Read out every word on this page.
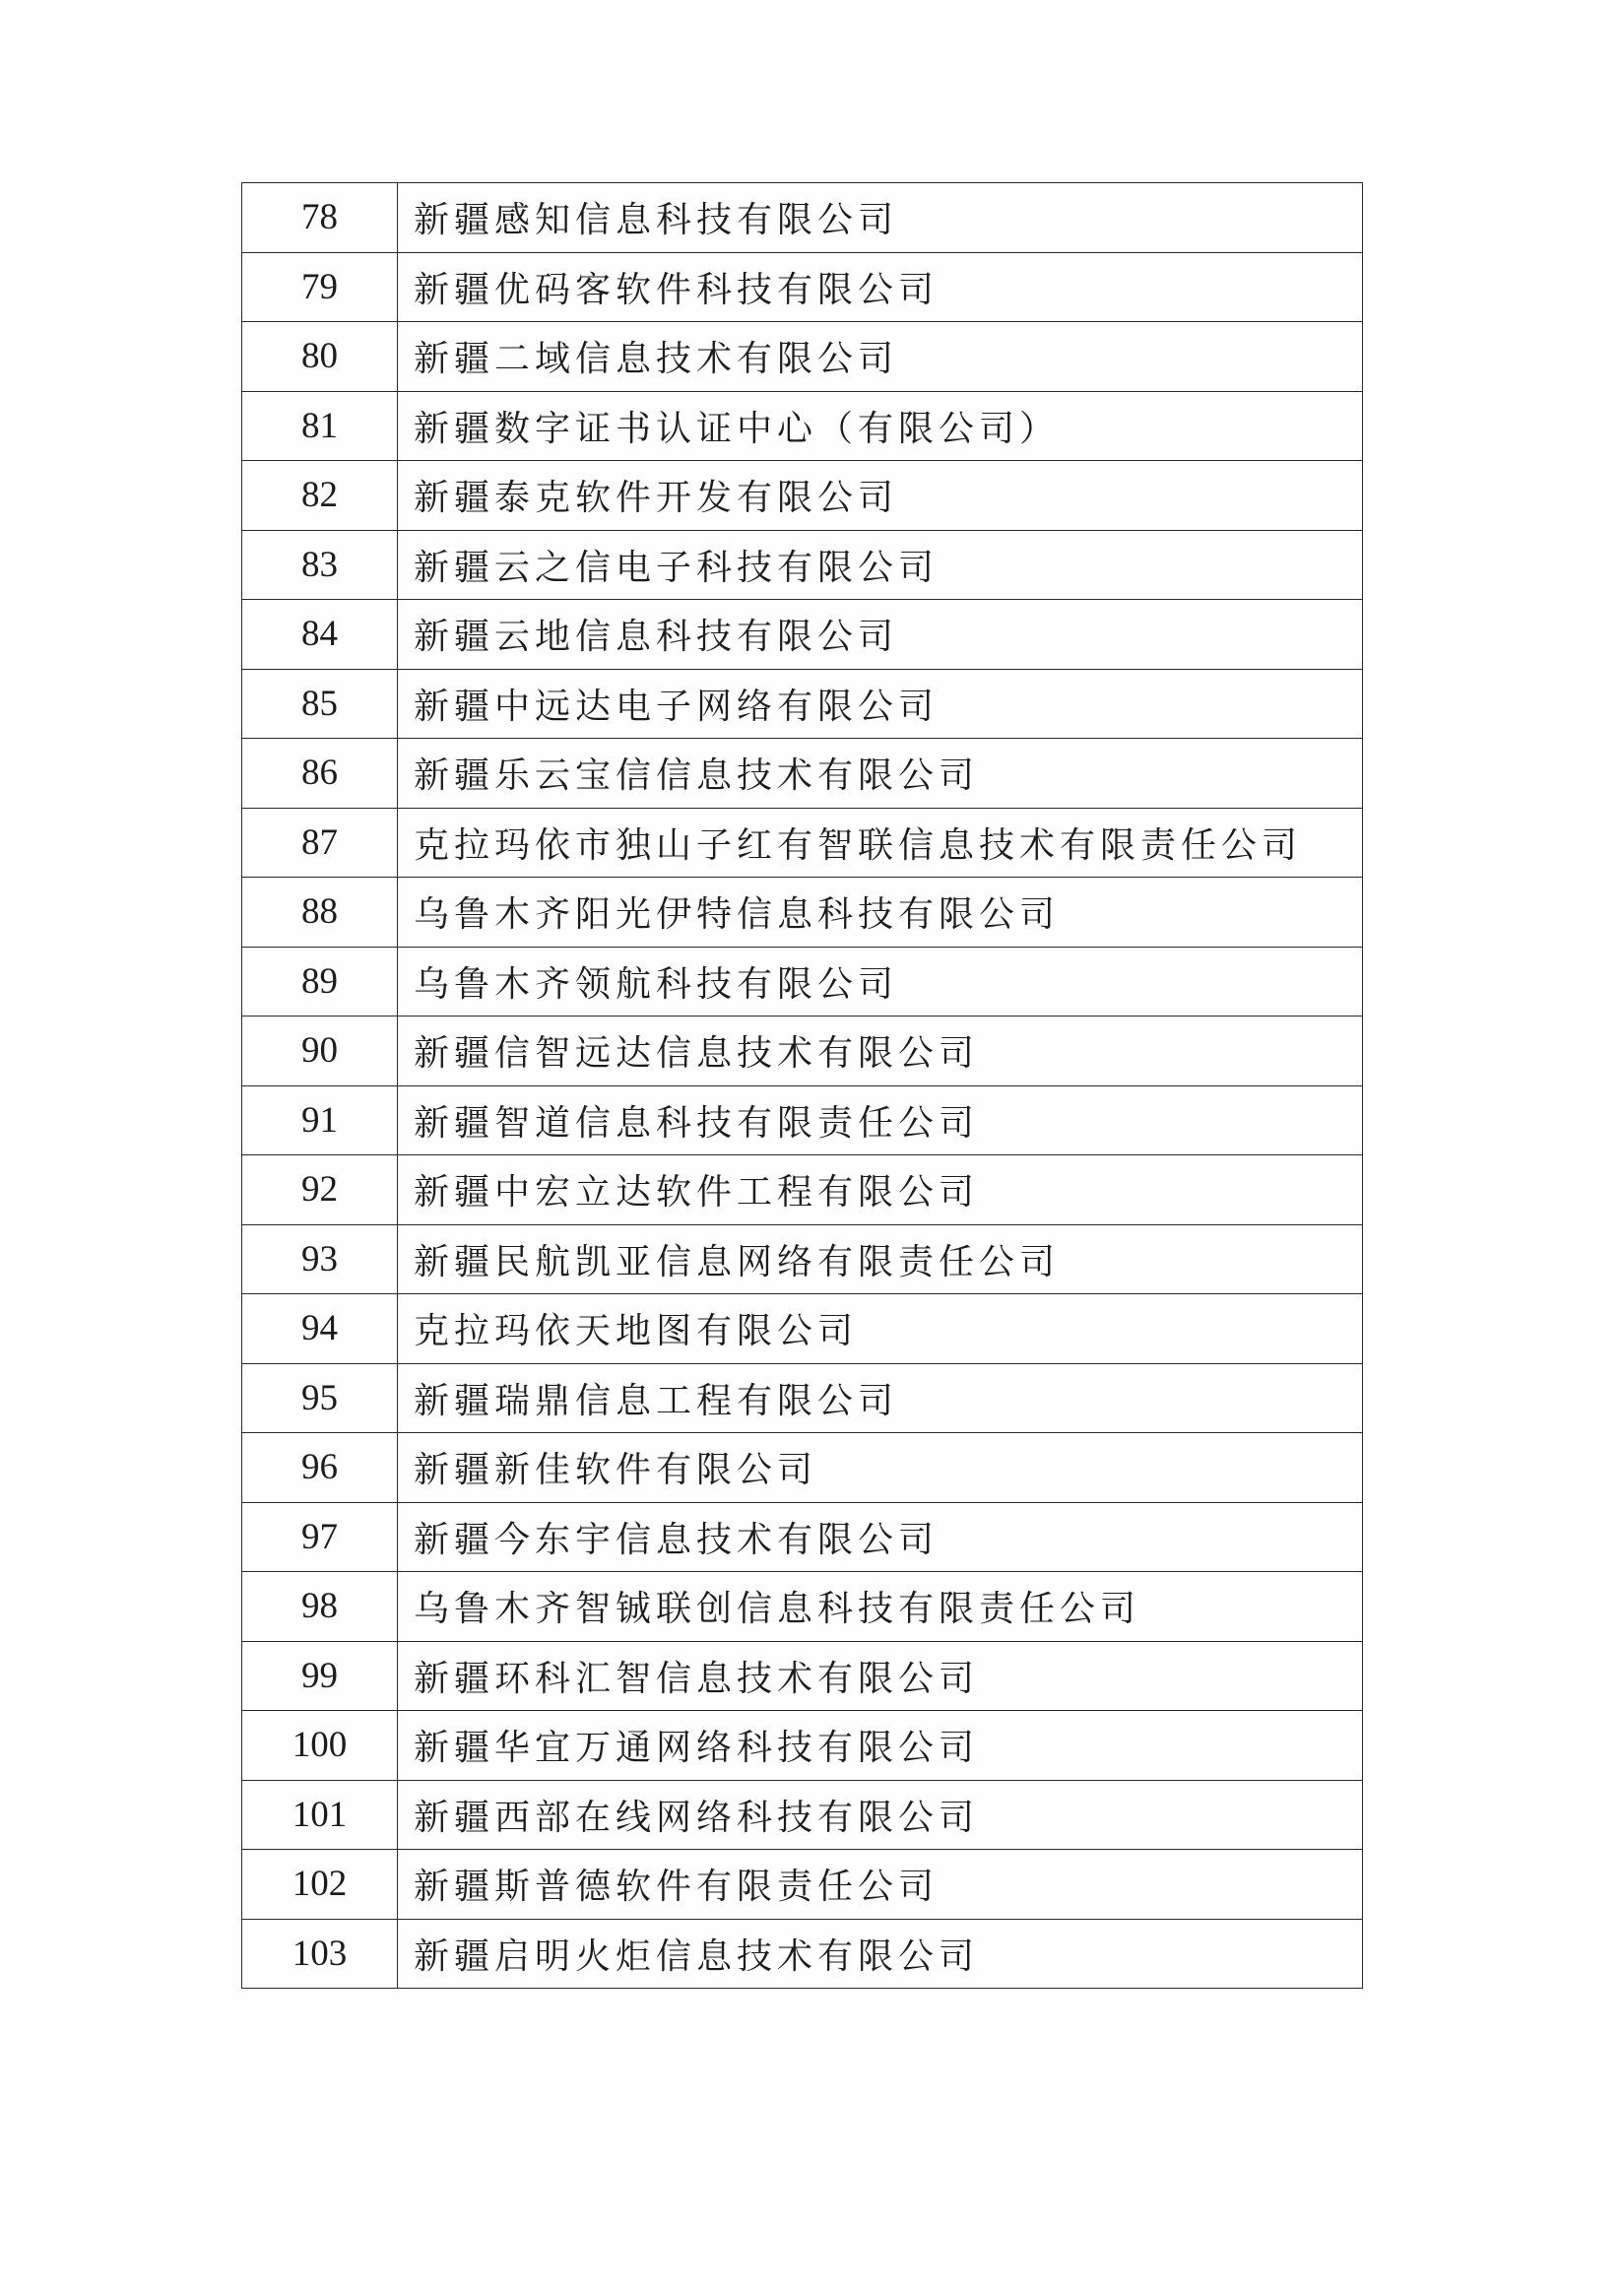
78	新疆感知信息科技有限公司
79	新疆优码客软件科技有限公司
80	新疆二域信息技术有限公司
81	新疆数字证书认证中心（有限公司）
82	新疆泰克软件开发有限公司
83	新疆云之信电子科技有限公司
84	新疆云地信息科技有限公司
85	新疆中远达电子网络有限公司
86	新疆乐云宝信信息技术有限公司
87	克拉玛依市独山子红有智联信息技术有限责任公司
88	乌鲁木齐阳光伊特信息科技有限公司
89	乌鲁木齐领航科技有限公司
90	新疆信智远达信息技术有限公司
91	新疆智道信息科技有限责任公司
92	新疆中宏立达软件工程有限公司
93	新疆民航凯亚信息网络有限责任公司
94	克拉玛依天地图有限公司
95	新疆瑞鼎信息工程有限公司
96	新疆新佳软件有限公司
97	新疆今东宇信息技术有限公司
98	乌鲁木齐智铖联创信息科技有限责任公司
99	新疆环科汇智信息技术有限公司
100	新疆华宜万通网络科技有限公司
101	新疆西部在线网络科技有限公司
102	新疆斯普德软件有限责任公司
103	新疆启明火炬信息技术有限公司
